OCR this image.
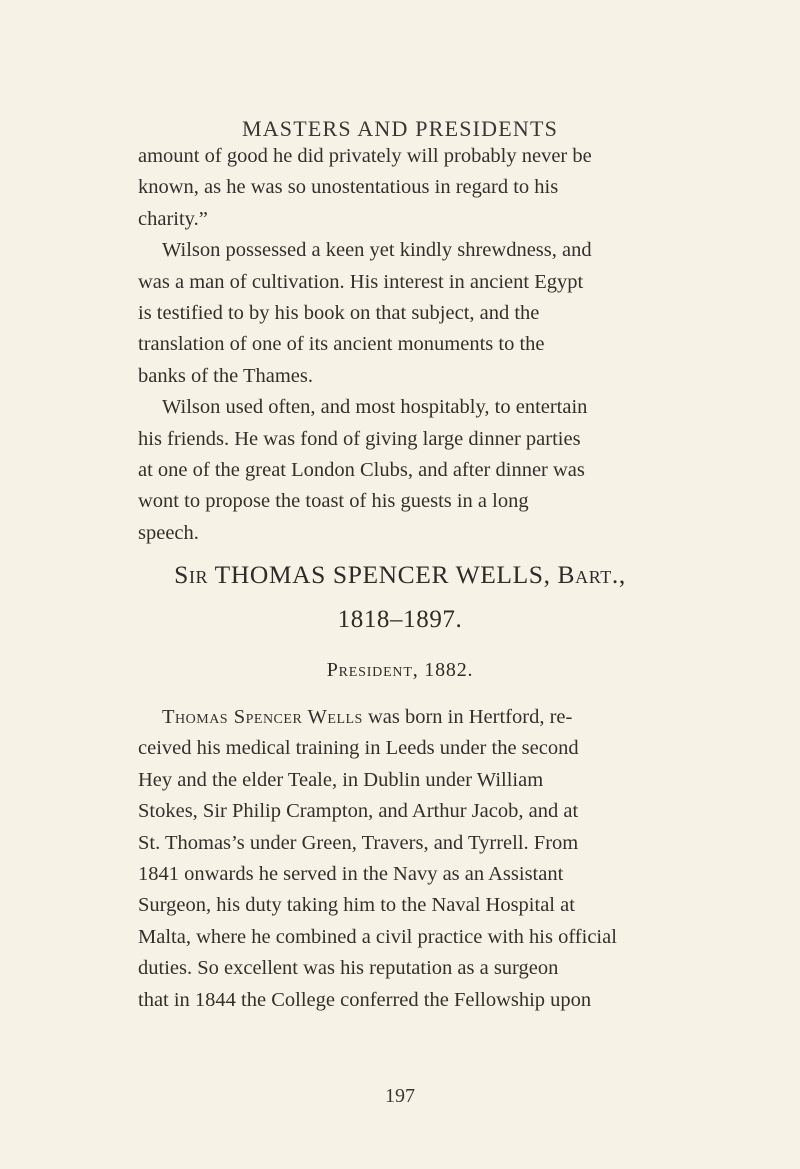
MASTERS AND PRESIDENTS

amount of good he did privately will probably never be
known, as he was so unostentatious in regard to his
charity.”

Wilson possessed a keen yet kindly shrewdness, and
was a man of cultivation. His interest in ancient Egypt
is testified to by his book on that subject, and the
translation of one of its ancient monuments to the
banks of the Thames.

Wilson used often, and most hospitably, to entertain
his friends. He was fond of giving large dinner parties
at one of the great London Clubs, and after dinner was
wont to propose the toast of his guests in a long
speech.

Sir THOMAS SPENCER WELLS, Bart.,
1818–1897.
President, 1882.

Thomas Spencer Wells was born in Hertford, re-
ceived his medical training in Leeds under the second
Hey and the elder Teale, in Dublin under William
Stokes, Sir Philip Crampton, and Arthur Jacob, and at
St. Thomas’s under Green, Travers, and Tyrrell. From
1841 onwards he served in the Navy as an Assistant
Surgeon, his duty taking him to the Naval Hospital at
Malta, where he combined a civil practice with his official
duties. So excellent was his reputation as a surgeon
that in 1844 the College conferred the Fellowship upon

197
